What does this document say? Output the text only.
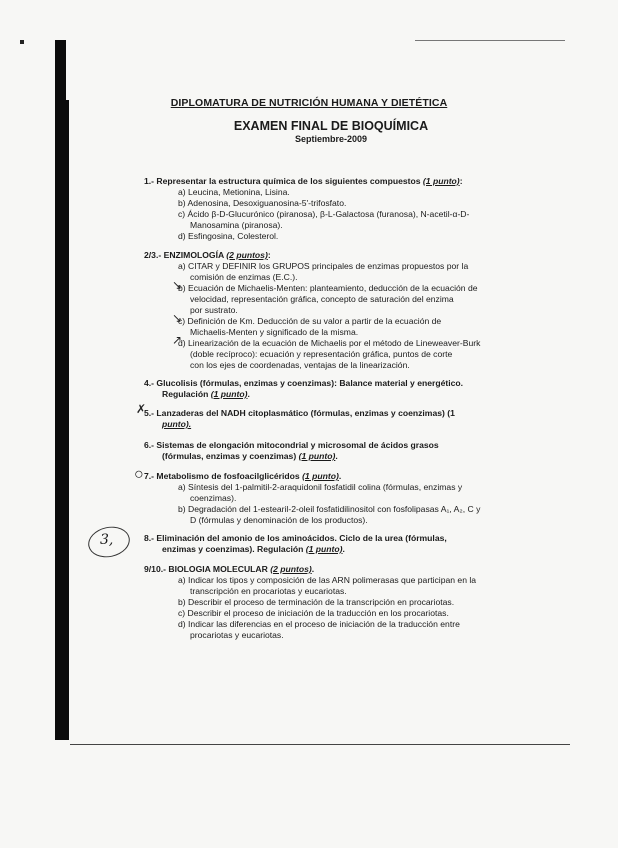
DIPLOMATURA DE NUTRICIÓN HUMANA Y DIETÉTICA

EXAMEN FINAL DE BIOQUÍMICA

Septiembre-2009

1.- Representar la estructura química de los siguientes compuestos (1 punto):
a) Leucina, Metionina, Lisina.
b) Adenosina, Desoxiguanosina-5'-trifosfato.
c) Ácido β-D-Glucurónico (piranosa), β-L-Galactosa (furanosa), N-acetil-α-D-
Manosamina (piranosa).
d) Esfingosina, Colesterol.
2/3.- ENZIMOLOGÍA (2 puntos):
a) CITAR y DEFINIR los GRUPOS principales de enzimas propuestos por la
comisión de enzimas (E.C.).
b) Ecuación de Michaelis-Menten: planteamiento, deducción de la ecuación de
velocidad, representación gráfica, concepto de saturación del enzima
por sustrato.
c) Definición de Km. Deducción de su valor a partir de la ecuación de
Michaelis-Menten y significado de la misma.
d) Linearización de la ecuación de Michaelis por el método de Lineweaver-Burk
(doble recíproco): ecuación y representación gráfica, puntos de corte
con los ejes de coordenadas, ventajas de la linearización.
4.- Glucolisis (fórmulas, enzimas y coenzimas): Balance material y energético.
Regulación (1 punto).
5.- Lanzaderas del NADH citoplasmático (fórmulas, enzimas y coenzimas) (1
punto).
6.- Sistemas de elongación mitocondrial y microsomal de ácidos grasos
(fórmulas, enzimas y coenzimas) (1 punto).
7.- Metabolismo de fosfoacilglicéridos (1 punto).
a) Síntesis del 1-palmitil-2-araquidonil fosfatidil colina (fórmulas, enzimas y
coenzimas).
b) Degradación del 1-estearil-2-oleil fosfatidilinositol con fosfolipasas A₁, A₂, C y
D (fórmulas y denominación de los productos).
3,	8.- Eliminación del amonio de los aminoácidos. Ciclo de la urea (fórmulas,
enzimas y coenzimas). Regulación (1 punto).
9/10.- BIOLOGIA MOLECULAR (2 puntos).
a) Indicar los tipos y composición de las ARN polimerasas que participan en la
transcripción en procariotas y eucariotas.
b) Describir el proceso de terminación de la transcripción en procariotas.
c) Describir el proceso de iniciación de la traducción en los procariotas.
d) Indicar las diferencias en el proceso de iniciación de la traducción entre
procariotas y eucariotas.
↘
↘
↗
✗
○
